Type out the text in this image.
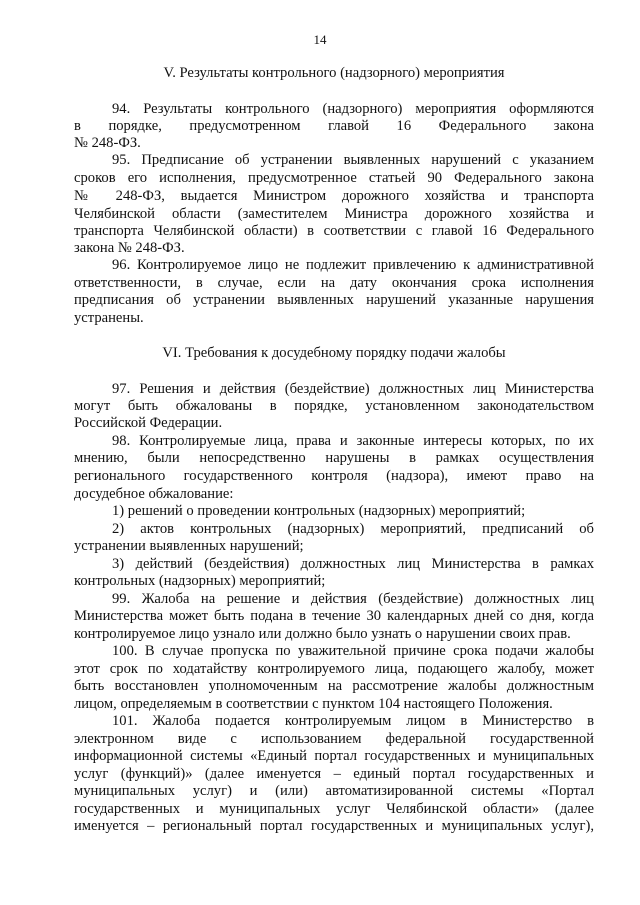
14
V. Результаты контрольного (надзорного) мероприятия
94. Результаты контрольного (надзорного) мероприятия оформляются
в порядке, предусмотренном главой 16 Федерального закона
№ 248-ФЗ.
95. Предписание об устранении выявленных нарушений с указанием
сроков его исполнения, предусмотренное статьей 90 Федерального закона
№ 248-ФЗ, выдается Министром дорожного хозяйства и транспорта
Челябинской области (заместителем Министра дорожного хозяйства и
транспорта Челябинской области) в соответствии с главой 16 Федерального
закона № 248-ФЗ.
96. Контролируемое лицо не подлежит привлечению к административной
ответственности, в случае, если на дату окончания срока исполнения
предписания об устранении выявленных нарушений указанные нарушения
устранены.
VI. Требования к досудебному порядку подачи жалобы
97. Решения и действия (бездействие) должностных лиц Министерства
могут быть обжалованы в порядке, установленном законодательством
Российской Федерации.
98. Контролируемые лица, права и законные интересы которых, по их
мнению, были непосредственно нарушены в рамках осуществления
регионального государственного контроля (надзора), имеют право на
досудебное обжалование:
1) решений о проведении контрольных (надзорных) мероприятий;
2) актов контрольных (надзорных) мероприятий, предписаний об
устранении выявленных нарушений;
3) действий (бездействия) должностных лиц Министерства в рамках
контрольных (надзорных) мероприятий;
99. Жалоба на решение и действия (бездействие) должностных лиц
Министерства может быть подана в течение 30 календарных дней со дня, когда
контролируемое лицо узнало или должно было узнать о нарушении своих прав.
100. В случае пропуска по уважительной причине срока подачи жалобы
этот срок по ходатайству контролируемого лица, подающего жалобу, может
быть восстановлен уполномоченным на рассмотрение жалобы должностным
лицом, определяемым в соответствии с пунктом 104 настоящего Положения.
101. Жалоба подается контролируемым лицом в Министерство в
электронном виде с использованием федеральной государственной
информационной системы «Единый портал государственных и муниципальных
услуг (функций)» (далее именуется – единый портал государственных и
муниципальных услуг) и (или) автоматизированной системы «Портал
государственных и муниципальных услуг Челябинской области» (далее
именуется – региональный портал государственных и муниципальных услуг),
